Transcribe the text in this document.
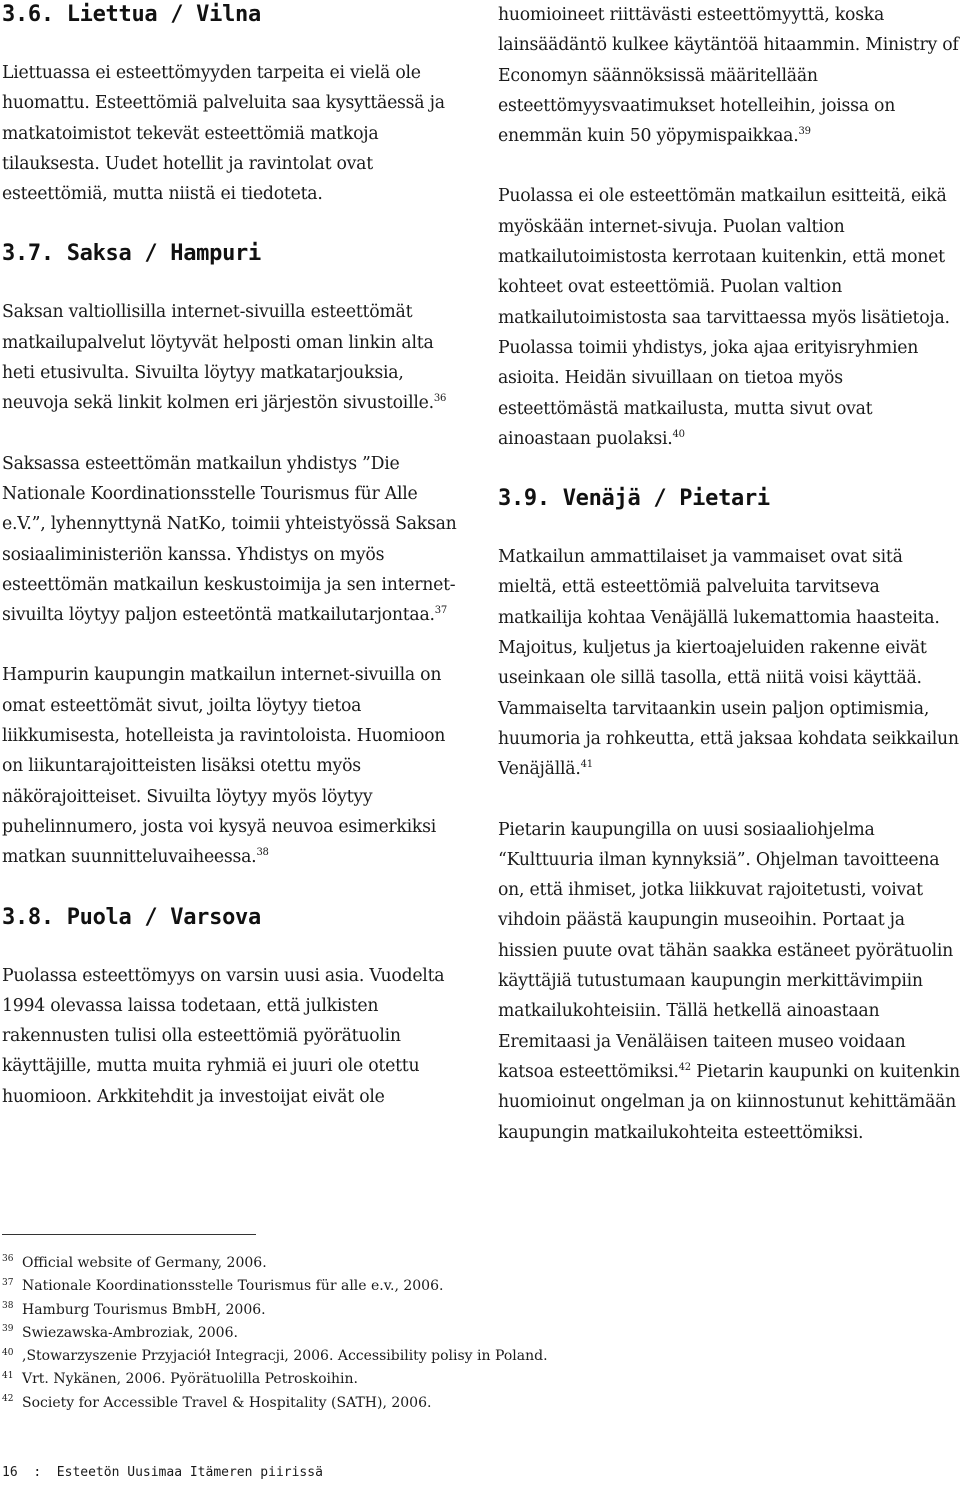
3.6. Liettua / Vilna

Liettuassa ei esteettömyyden tarpeita ei vielä ole huomattu. Esteettömiä palveluita saa kysyttäessä ja matkatoimistot tekevät esteettömiä matkoja tilauksesta. Uudet hotellit ja ravintolat ovat esteettömiä, mutta niistä ei tiedoteta.

3.7. Saksa / Hampuri

Saksan valtiollisilla internet-sivuilla esteettömät matkailupalvelut löytyvät helposti oman linkin alta heti etusivulta. Sivuilta löytyy matkatarjouksia, neuvoja sekä linkit kolmen eri järjestön sivustoille.$^{36}$

Saksassa esteettömän matkailun yhdistys ”Die Nationale Koordinationsstelle Tourismus für Alle e.V.”, lyhennyttynä NatKo, toimii yhteistyössä Saksan sosiaaliministeriön kanssa. Yhdistys on myös esteettömän matkailun keskustoimija ja sen internet-sivuilta löytyy paljon esteetöntä matkailutarjontaa.$^{37}$

Hampurin kaupungin matkailun internet-sivuilla on omat esteettömät sivut, joilta löytyy tietoa liikkumisesta, hotelleista ja ravintoloista. Huomioon on liikuntarajoitteisten lisäksi otettu myös näkörajoitteiset. Sivuilta löytyy myös löytyy puhelinnumero, josta voi kysyä neuvoa esimerkiksi matkan suunnitteluvaiheessa.$^{38}$

3.8. Puola / Varsova

Puolassa esteettömyys on varsin uusi asia. Vuodelta 1994 olevassa laissa todetaan, että julkisten rakennusten tulisi olla esteettömiä pyörätuolin käyttäjille, mutta muita ryhmiä ei juuri ole otettu huomioon. Arkkitehdit ja investoijat eivät ole

huomioineet riittävästi esteettömyyttä, koska lainsäädäntö kulkee käytäntöä hitaammin. Ministry of Economyn säännöksissä määritellään esteettömyysvaatimukset hotelleihin, joissa on enemmän kuin 50 yöpymispaikkaa.$^{39}$

Puolassa ei ole esteettömän matkailun esitteitä, eikä myöskään internet-sivuja. Puolan valtion matkailutoimistosta kerrotaan kuitenkin, että monet kohteet ovat esteettömiä. Puolan valtion matkailutoimistosta saa tarvittaessa myös lisätietoja. Puolassa toimii yhdistys, joka ajaa erityisryhmien asioita. Heidän sivuillaan on tietoa myös esteettömästä matkailusta, mutta sivut ovat ainoastaan puolaksi.$^{40}$

3.9. Venäjä / Pietari

Matkailun ammattilaiset ja vammaiset ovat sitä mieltä, että esteettömiä palveluita tarvitseva matkailija kohtaa Venäjällä lukemattomia haasteita. Majoitus, kuljetus ja kiertoajeluiden rakenne eivät useinkaan ole sillä tasolla, että niitä voisi käyttää. Vammaiselta tarvitaankin usein paljon optimismia, huumoria ja rohkeutta, että jaksaa kohdata seikkailun Venäjällä.$^{41}$

Pietarin kaupungilla on uusi sosiaaliohjelma “Kulttuuria ilman kynnyksiä”. Ohjelman tavoitteena on, että ihmiset, jotka liikkuvat rajoitetusti, voivat vihdoin päästä kaupungin museoihin. Portaat ja hissien puute ovat tähän saakka estäneet pyörätuolin käyttäjiä tutustumaan kaupungin merkittävimpiin matkailukohteisiin. Tällä hetkellä ainoastaan Eremitaasi ja Venäläisen taiteen museo voidaan katsoa esteettömiksi.$^{42}$ Pietarin kaupunki on kuitenkin huomioinut ongelman ja on kiinnostunut kehittämään kaupungin matkailukohteita esteettömiksi.

36 Official website of Germany, 2006.
37 Nationale Koordinationsstelle Tourismus für alle e.v., 2006.
38 Hamburg Tourismus BmbH, 2006.
39 Swiezawska-Ambroziak, 2006.
40 ,Stowarzyszenie Przyjaciół Integracji, 2006. Accessibility polisy in Poland.
41 Vrt. Nykänen, 2006. Pyörätuolilla Petroskoihin.
42 Society for Accessible Travel & Hospitality (SATH), 2006.
16 : Esteetön Uusimaa Itämeren piirissä
